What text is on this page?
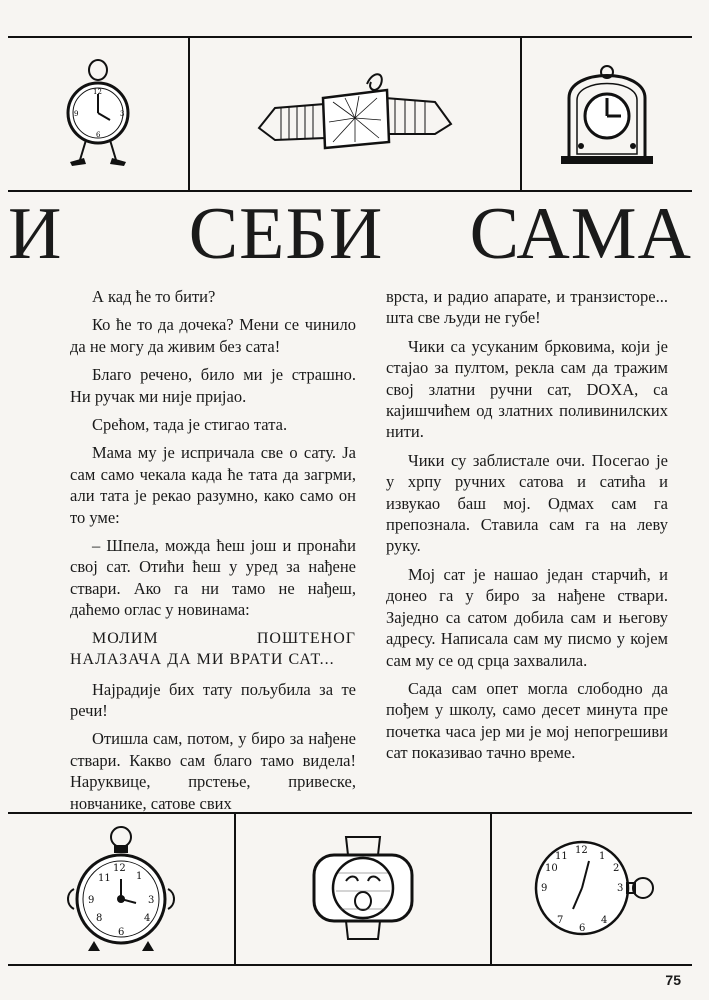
12
3
6
9
И СЕБИ САМА

А кад ће то бити?

Ко ће то да дочека? Мени се чинило да не могу да живим без сата!

Благо речено, било ми је страшно. Ни ручак ми није пријао.

Срећом, тада је стигао тата.

Мама му је испричала све о сату. Ја сам само чекала када ће тата да загрми, али тата је рекао разумно, како само он то уме:

– Шпела, можда ћеш још и пронаћи свој сат. Отићи ћеш у уред за нађене ствари. Ако га ни тамо не нађеш, даћемо оглас у новинама:

МОЛИМ ПОШТЕНОГ НАЛАЗАЧА ДА МИ ВРАТИ САТ...

Најрадије бих тату пољубила за те речи!

Отишла сам, потом, у биро за нађене ствари. Какво сам благо тамо видела! Наруквице, прстење, привеске, новчанике, сатове свих

врста, и радио апарате, и транзисторе... шта све људи не губе!

Чики са усуканим брковима, који је стајао за пултом, рекла сам да тражим свој златни ручни сат, DOXA, са кајишчићем од златних поливинилских нити.

Чики су заблистале очи. Посегао је у хрпу ручних сатова и сатића и извукао баш мој. Одмах сам га препознала. Ставила сам га на леву руку.

Мој сат је нашао један старчић, и донео га у биро за нађене ствари. Заједно са сатом добила сам и његову адресу. Написала сам му писмо у којем сам му се од срца захвалила.

Сада сам опет могла слободно да пођем у школу, само десет минута пре почетка часа јер ми је мој непогрешиви сат показивао тачно време.

12
3
6
9
1
4
8
11
12
3
6
9
1
2
4
7
11
10
75
